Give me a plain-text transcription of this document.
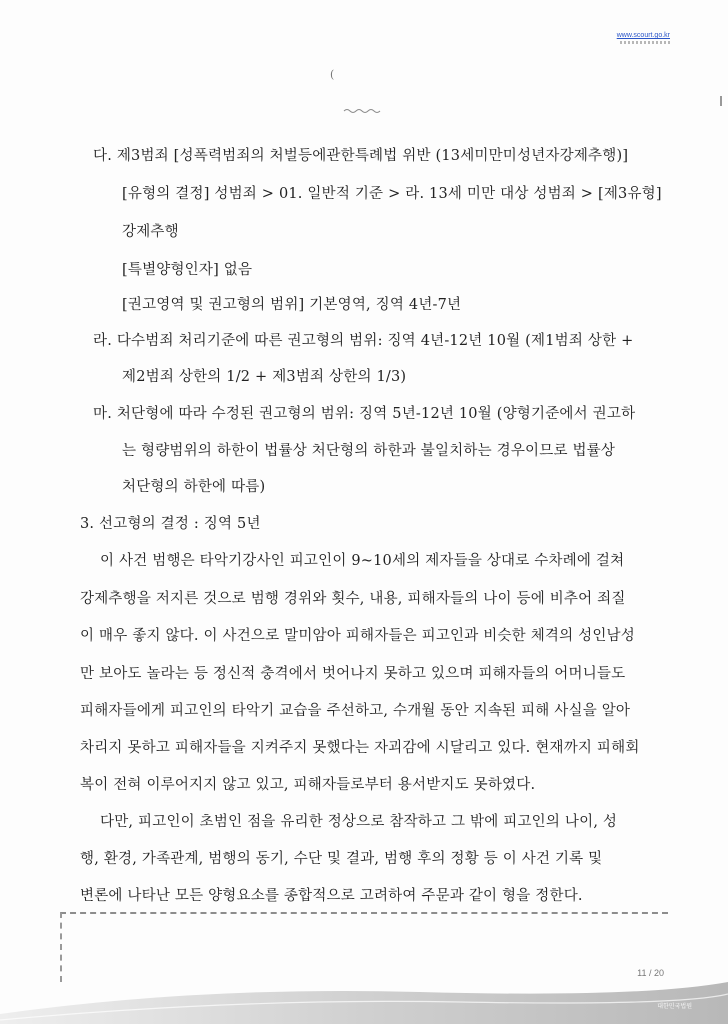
www.scourt.go.kr
(
다. 제3범죄 [성폭력범죄의 처벌등에관한특례법 위반 (13세미만미성년자강제추행)]
[유형의 결정] 성범죄 > 01. 일반적 기준 > 라. 13세 미만 대상 성범죄 > [제3유형]
강제추행
[특별양형인자] 없음
[권고영역 및 권고형의 범위] 기본영역, 징역 4년-7년
라. 다수범죄 처리기준에 따른 권고형의 범위: 징역 4년-12년 10월 (제1범죄 상한 +
제2범죄 상한의 1/2 + 제3범죄 상한의 1/3)
마. 처단형에 따라 수정된 권고형의 범위: 징역 5년-12년 10월 (양형기준에서 권고하
는 형량범위의 하한이 법률상 처단형의 하한과 불일치하는 경우이므로 법률상
처단형의 하한에 따름)
3. 선고형의 결정 : 징역 5년
이 사건 범행은 타악기강사인 피고인이 9~10세의 제자들을 상대로 수차례에 걸쳐
강제추행을 저지른 것으로 범행 경위와 횟수, 내용, 피해자들의 나이 등에 비추어 죄질
이 매우 좋지 않다. 이 사건으로 말미암아 피해자들은 피고인과 비슷한 체격의 성인남성
만 보아도 놀라는 등 정신적 충격에서 벗어나지 못하고 있으며 피해자들의 어머니들도
피해자들에게 피고인의 타악기 교습을 주선하고, 수개월 동안 지속된 피해 사실을 알아
차리지 못하고 피해자들을 지켜주지 못했다는 자괴감에 시달리고 있다. 현재까지 피해회
복이 전혀 이루어지지 않고 있고, 피해자들로부터 용서받지도 못하였다.
다만, 피고인이 초범인 점을 유리한 정상으로 참작하고 그 밖에 피고인의 나이, 성
행, 환경, 가족관계, 범행의 동기, 수단 및 결과, 범행 후의 정황 등 이 사건 기록 및
변론에 나타난 모든 양형요소를 종합적으로 고려하여 주문과 같이 형을 정한다.
11 / 20
대한민국법원
